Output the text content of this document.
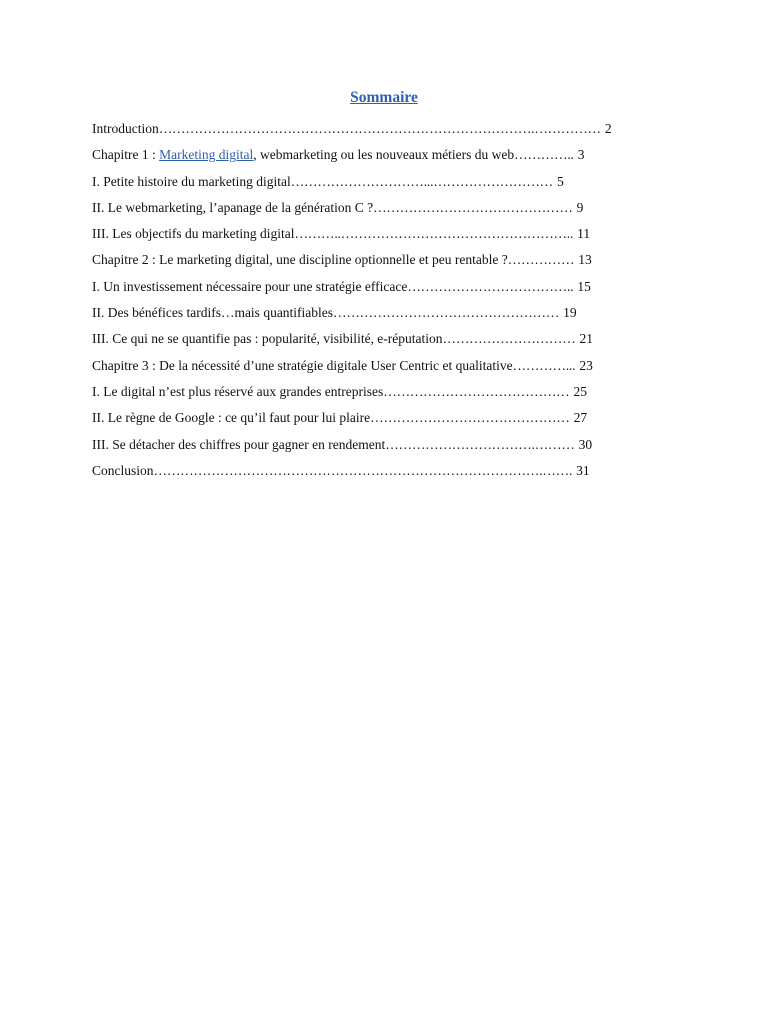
Sommaire
Introduction ………………………………………………………………………….…………… 2
Chapitre 1 : Marketing digital, webmarketing ou les nouveaux métiers du web ………….. 3
I. Petite histoire du marketing digital …………………………...……………………… 5
II. Le webmarketing, l’apanage de la génération C ? ……………………………………… 9
III. Les objectifs du marketing digital ………..…………………………………………….. 11
Chapitre 2 : Le marketing digital, une discipline optionnelle et peu rentable ? …………… 13
I. Un investissement nécessaire pour une stratégie efficace ……………………………….. 15
II. Des bénéfices tardifs…mais quantifiables …………………………………………… 19
III. Ce qui ne se quantifie pas : popularité, visibilité, e-réputation ………………………… 21
Chapitre 3 : De la nécessité d’une stratégie digitale User Centric et qualitative …………... 23
I. Le digital n’est plus réservé aux grandes entreprises …………………………………… 25
II. Le règne de Google : ce qu’il faut pour lui plaire ……………………………………… 27
III. Se détacher des chiffres pour gagner en rendement …………………………….……… 30
Conclusion …………………………………………………………………………….……. 31
